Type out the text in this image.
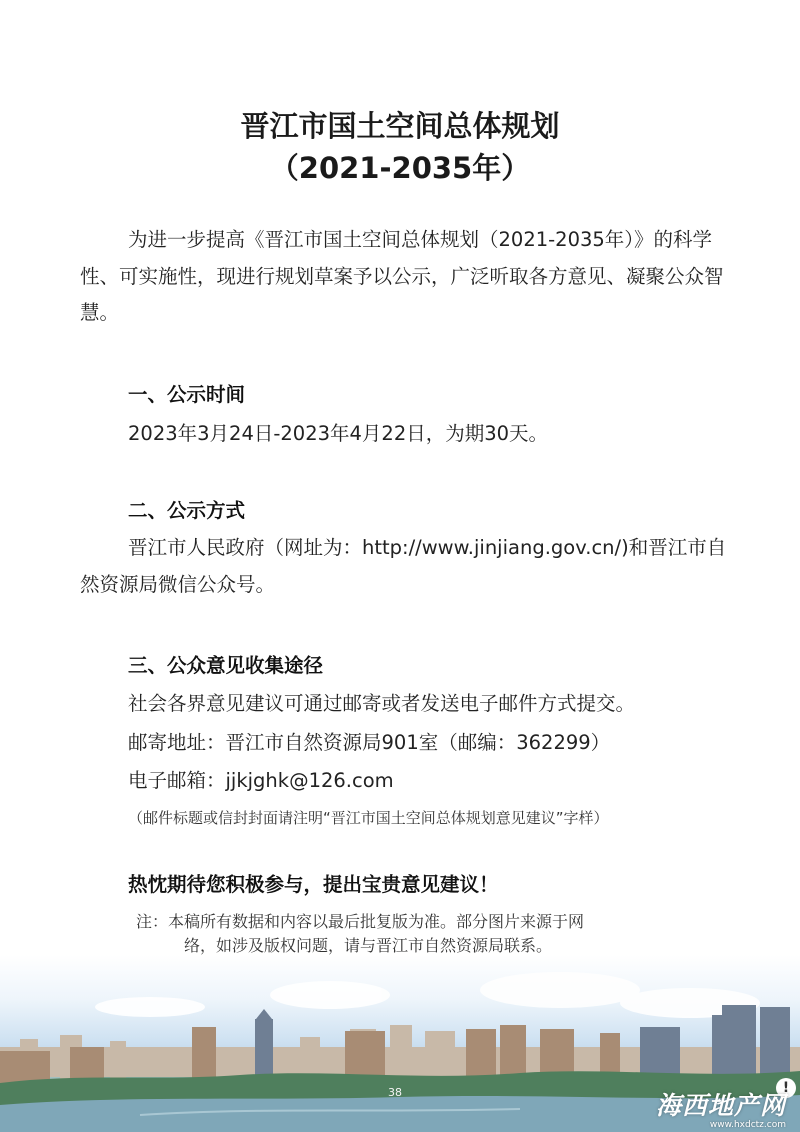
晋江市国土空间总体规划
（2021-2035年）

为进一步提高《晋江市国土空间总体规划（2021-2035年）》的科学性、可实施性，现进行规划草案予以公示，广泛听取各方意见、凝聚公众智慧。

一、公示时间

2023年3月24日-2023年4月22日，为期30天。

二、公示方式

晋江市人民政府（网址为：http://www.jinjiang.gov.cn/)和晋江市自然资源局微信公众号。

三、公众意见收集途径

社会各界意见建议可通过邮寄或者发送电子邮件方式提交。

邮寄地址：晋江市自然资源局901室（邮编：362299）

电子邮箱：jjkjghk@126.com

（邮件标题或信封封面请注明“晋江市国土空间总体规划意见建议”字样）

热忱期待您积极参与，提出宝贵意见建议！

注：本稿所有数据和内容以最后批复版为准。部分图片来源于网
络，如涉及版权问题，请与晋江市自然资源局联系。

38	!
海西地产网
www.hxdctz.com
